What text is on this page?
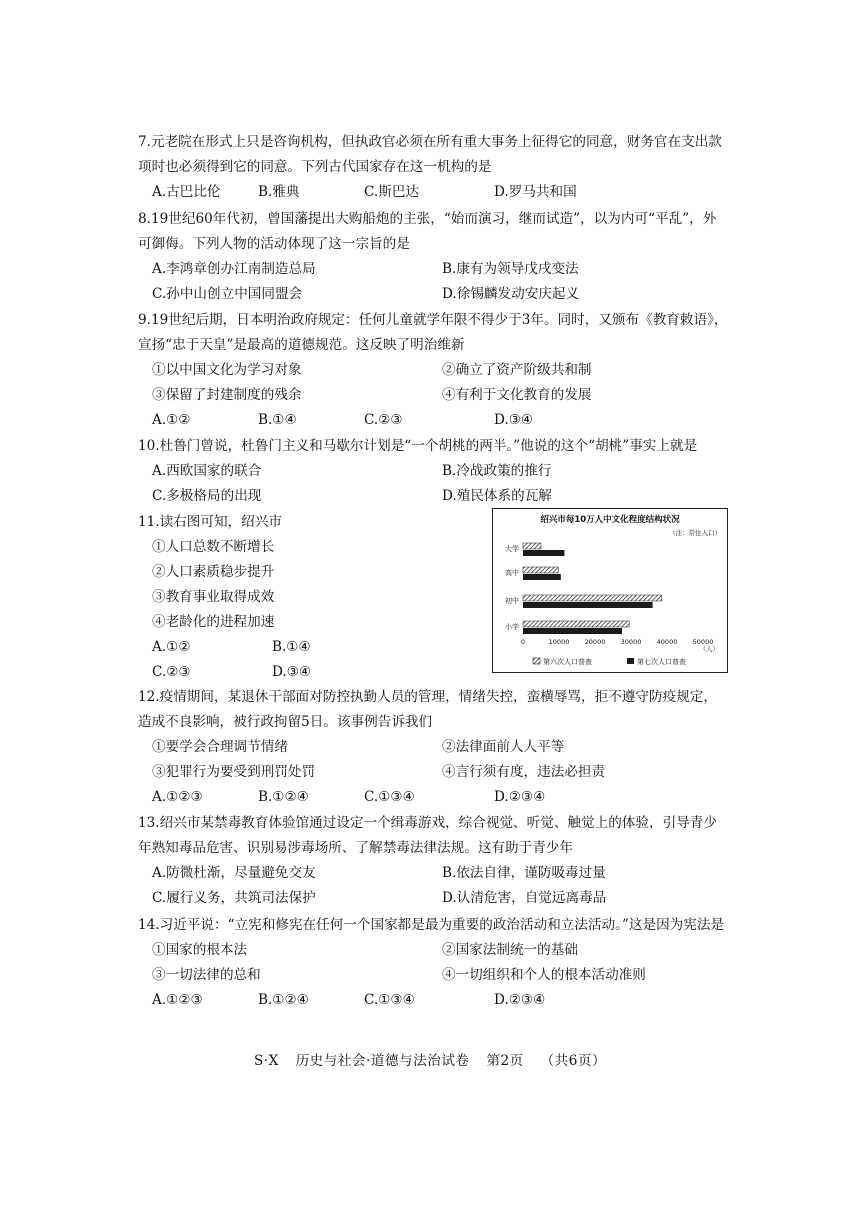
7.元老院在形式上只是咨询机构，但执政官必须在所有重大事务上征得它的同意，财务官在支出款项时也必须得到它的同意。下列古代国家存在这一机构的是
A.古巴比伦	B.雅典	C.斯巴达	D.罗马共和国
8.19世纪60年代初，曾国藩提出大购船炮的主张，“始而演习，继而试造”，以为内可“平乱”，外可御侮。下列人物的活动体现了这一宗旨的是
A.李鸿章创办江南制造总局	B.康有为领导戊戌变法
C.孙中山创立中国同盟会	D.徐锡麟发动安庆起义
9.19世纪后期，日本明治政府规定：任何儿童就学年限不得少于3年。同时，又颁布《教育敕语》，宣扬“忠于天皇”是最高的道德规范。这反映了明治维新
①以中国文化为学习对象	②确立了资产阶级共和制
③保留了封建制度的残余	④有利于文化教育的发展
A.①②	B.①④	C.②③	D.③④
10.杜鲁门曾说，杜鲁门主义和马歇尔计划是“一个胡桃的两半。”他说的这个“胡桃”事实上就是
A.西欧国家的联合	B.冷战政策的推行
C.多极格局的出现	D.殖民体系的瓦解
11.读右图可知，绍兴市
①人口总数不断增长
②人口素质稳步提升
③教育事业取得成效
④老龄化的进程加速
A.①②	B.①④
C.②③	D.③④
绍兴市每10万人中文化程度结构状况
（注：常住人口）
大学
高中
初中
小学
0	10000 20000 30000 40000 50000
（人）
第六次人口普查	第七次人口普查
12.疫情期间，某退休干部面对防控执勤人员的管理，情绪失控，蛮横辱骂，拒不遵守防疫规定，造成不良影响，被行政拘留5日。该事例告诉我们
①要学会合理调节情绪	②法律面前人人平等
③犯罪行为要受到刑罚处罚	④言行须有度，违法必担责
A.①②③	B.①②④	C.①③④	D.②③④
13.绍兴市某禁毒教育体验馆通过设定一个缉毒游戏，综合视觉、听觉、触觉上的体验，引导青少年熟知毒品危害、识别易涉毒场所、了解禁毒法律法规。这有助于青少年
A.防微杜渐，尽量避免交友	B.依法自律，谨防吸毒过量
C.履行义务，共筑司法保护	D.认清危害，自觉远离毒品
14.习近平说：“立宪和修宪在任何一个国家都是最为重要的政治活动和立法活动。”这是因为宪法是
①国家的根本法	②国家法制统一的基础
③一切法律的总和	④一切组织和个人的根本活动准则
A.①②③	B.①②④	C.①③④	D.②③④
S·X 历史与社会·道德与法治试卷 第2页 （共6页）
